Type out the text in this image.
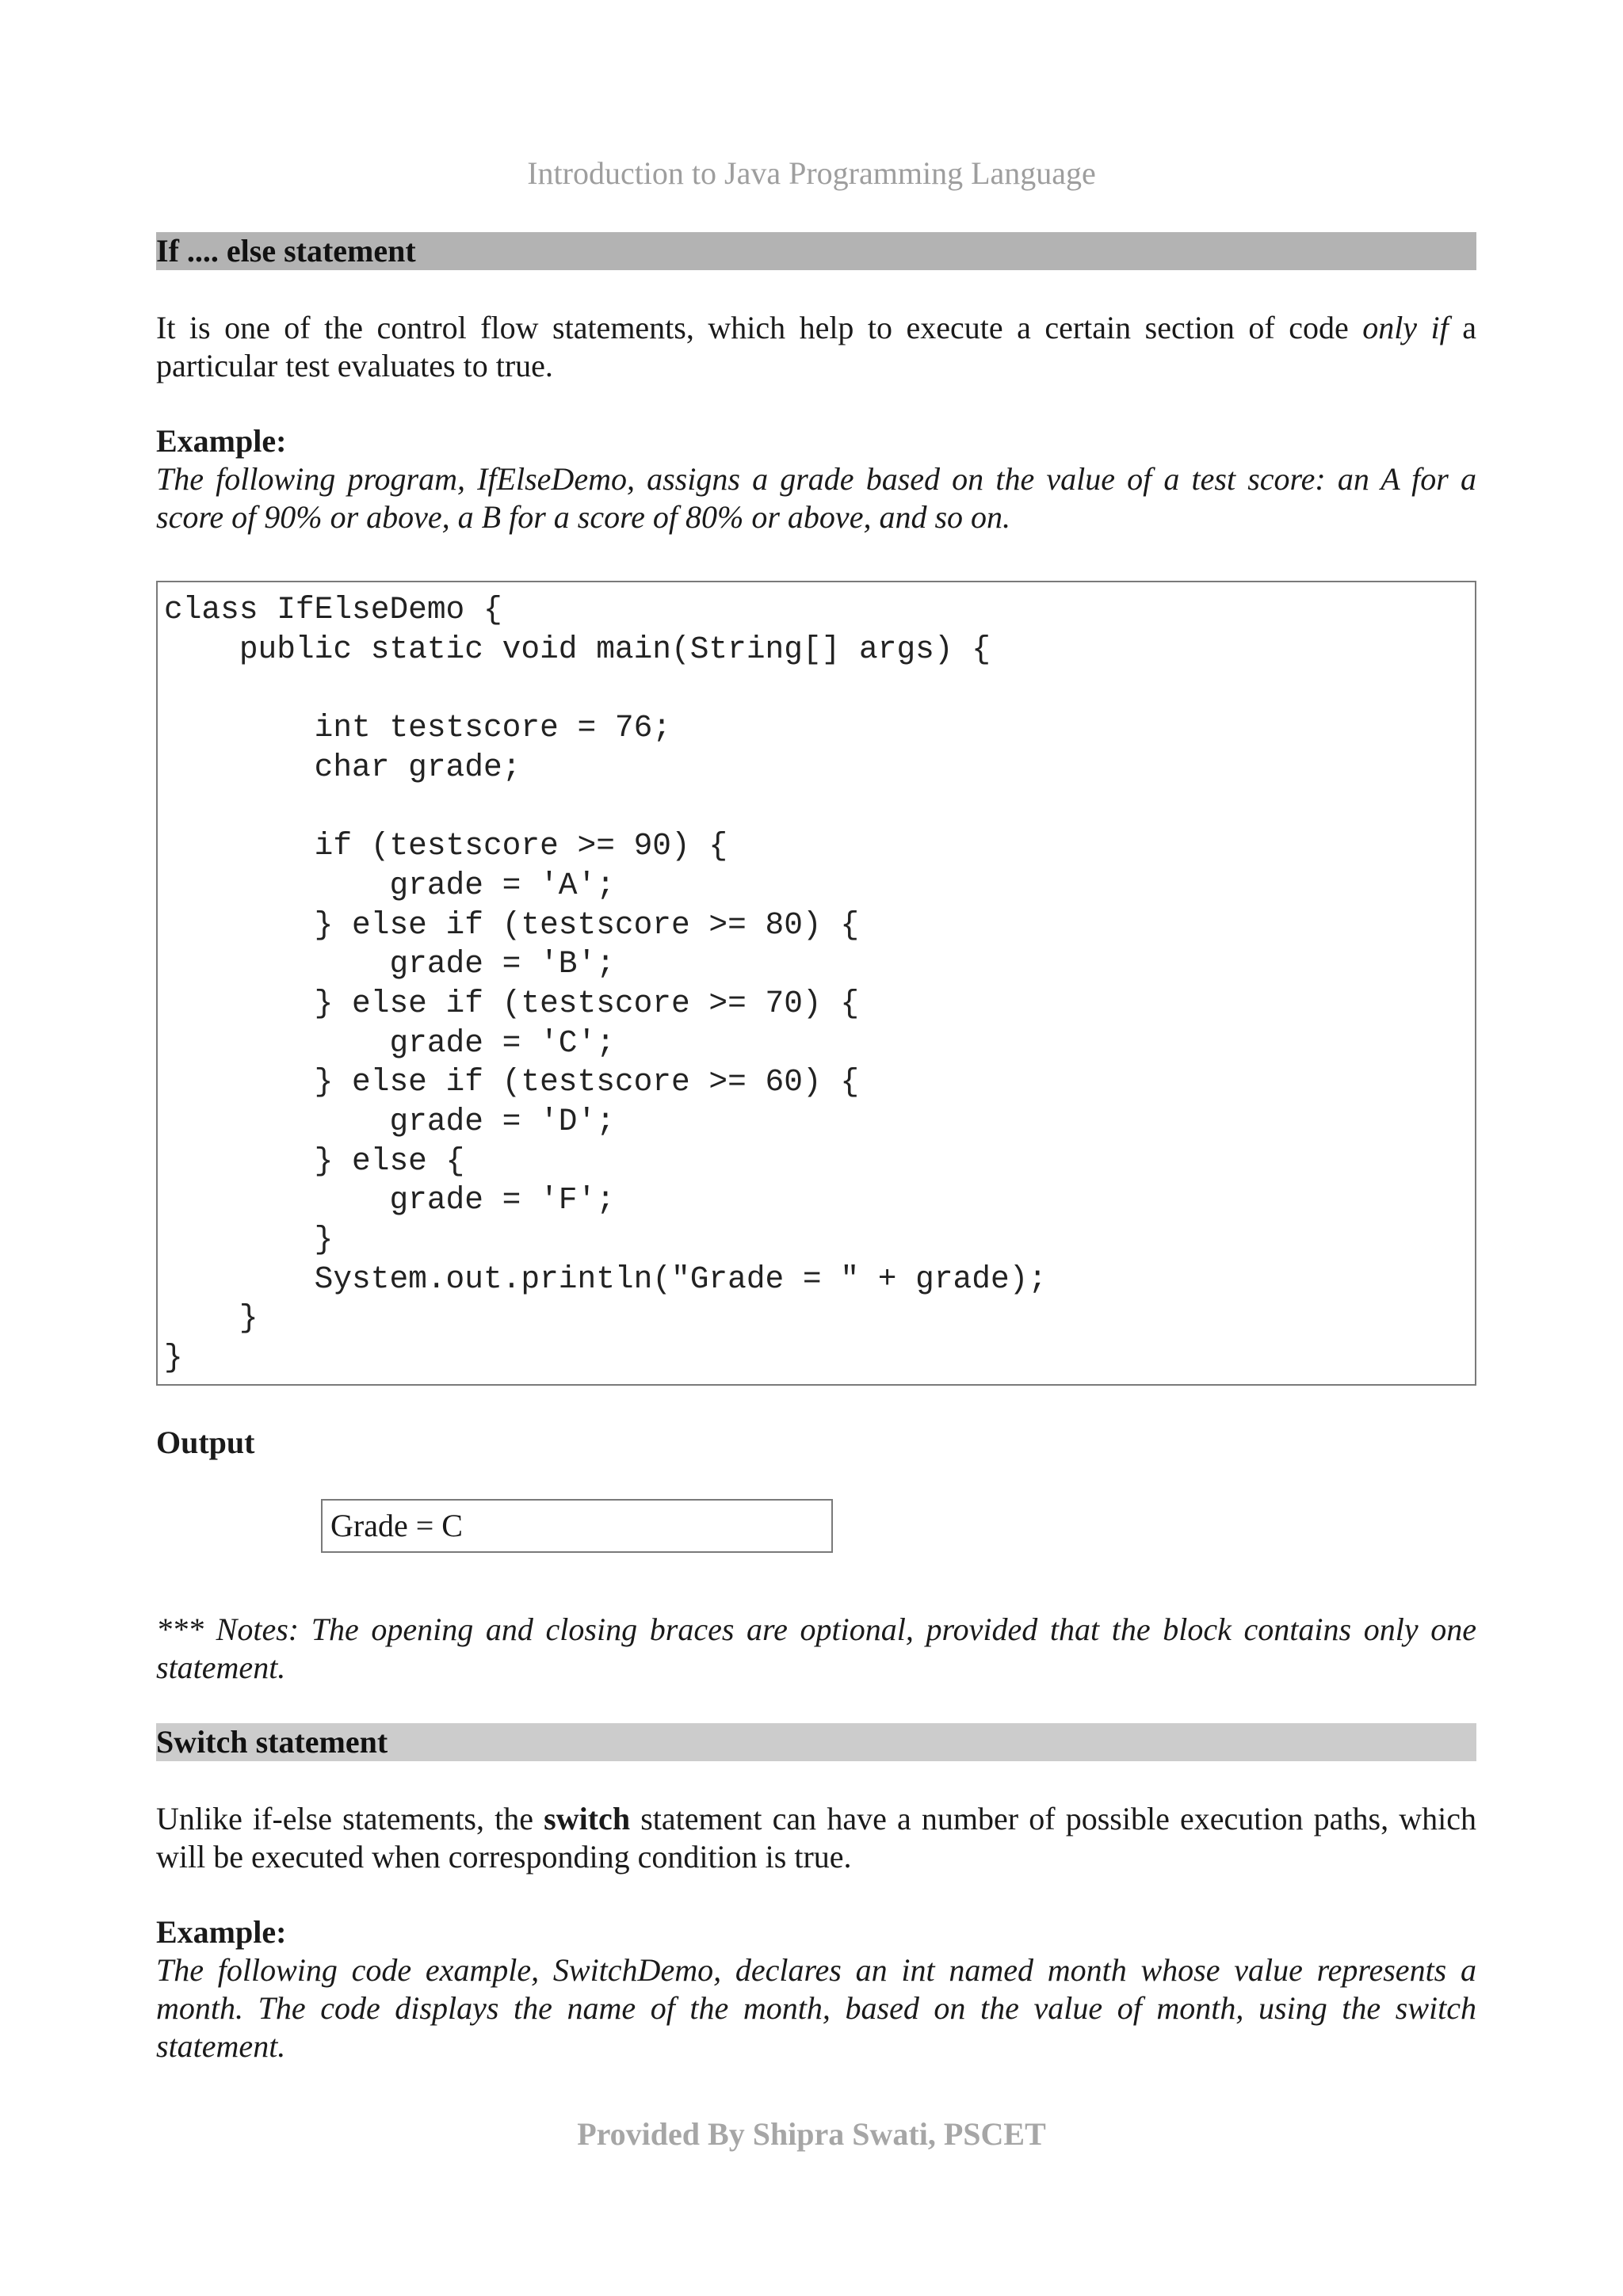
Introduction to Java Programming Language
If .... else statement

It is one of the control flow statements, which help to execute a certain section of code only if a particular test evaluates to true.

Example:

The following program, IfElseDemo, assigns a grade based on the value of a test score: an A for a score of 90% or above, a B for a score of 80% or above, and so on.

class IfElseDemo {
public static void main(String[] args) {
int testscore = 76;
char grade;
if (testscore >= 90) {
grade = 'A';
} else if (testscore >= 80) {
grade = 'B';
} else if (testscore >= 70) {
grade = 'C';
} else if (testscore >= 60) {
grade = 'D';
} else {
grade = 'F';
}
System.out.println("Grade = " + grade);
}
}
Output
Grade = C

*** Notes: The opening and closing braces are optional, provided that the block contains only one statement.

Switch statement

Unlike if-else statements, the switch statement can have a number of possible execution paths, which will be executed when corresponding condition is true.

Example:

The following code example, SwitchDemo, declares an int named month whose value represents a month. The code displays the name of the month, based on the value of month, using the switch statement.

Provided By Shipra Swati, PSCET
